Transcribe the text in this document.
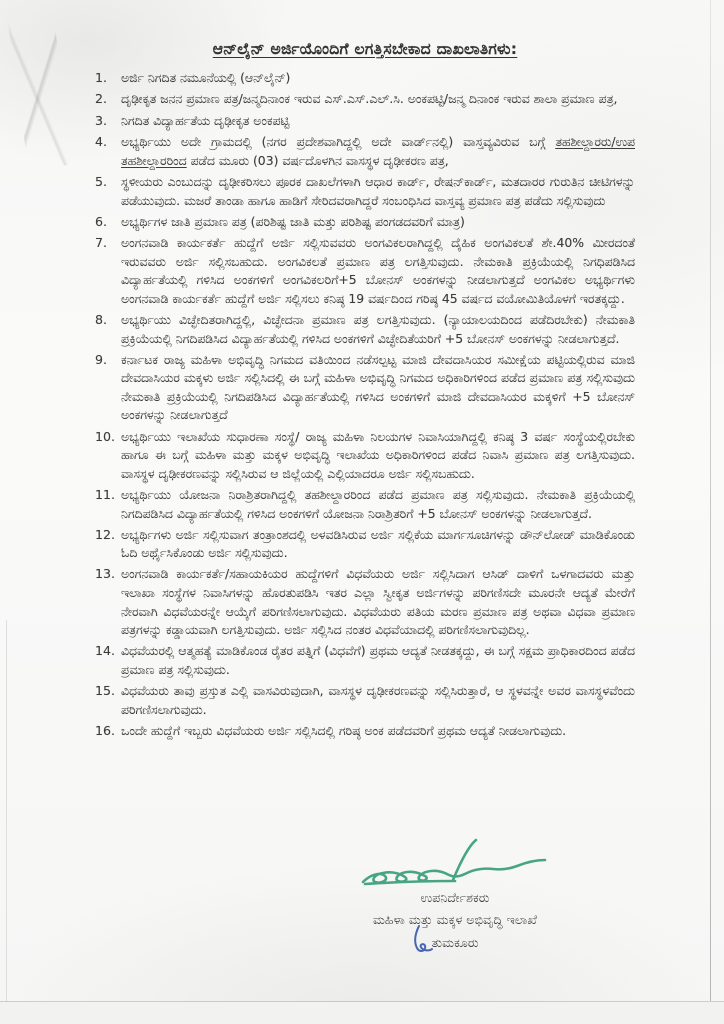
ಆನ್‌ಲೈನ್ ಅರ್ಜಿಯೊಂದಿಗೆ ಲಗತ್ತಿಸಬೇಕಾದ ದಾಖಲಾತಿಗಳು:
1.	ಅರ್ಜಿ ನಿಗದಿತ ನಮೂನೆಯಲ್ಲಿ (ಆನ್‌ಲೈನ್)
2.	ದೃಢೀಕೃತ ಜನನ ಪ್ರಮಾಣ ಪತ್ರ/ಜನ್ಮದಿನಾಂಕ ಇರುವ ಎಸ್.ಎಸ್.ಎಲ್.ಸಿ. ಅಂಕಪಟ್ಟಿ/ಜನ್ಮ ದಿನಾಂಕ ಇರುವ ಶಾಲಾ ಪ್ರಮಾಣ ಪತ್ರ,
3.	ನಿಗದಿತ ವಿದ್ಯಾರ್ಹತೆಯ ದೃಢೀಕೃತ ಅಂಕಪಟ್ಟಿ
4.	ಅಭ್ಯರ್ಥಿಯು ಅದೇ ಗ್ರಾಮದಲ್ಲಿ (ನಗರ ಪ್ರದೇಶವಾಗಿದ್ದಲ್ಲಿ ಅದೇ ವಾರ್ಡ್‌ನಲ್ಲಿ) ವಾಸ್ತವ್ಯವಿರುವ ಬಗ್ಗೆ ತಹಶೀಲ್ದಾರರು/ಉಪ ತಹಶೀಲ್ದಾರರಿಂದ ಪಡೆದ ಮೂರು (03) ವರ್ಷದೊಳಗಿನ ವಾಸಸ್ಥಳ ದೃಢೀಕರಣ ಪತ್ರ,
5.	ಸ್ಥಳೀಯರು ಎಂಬುದನ್ನು ದೃಢೀಕರಿಸಲು ಪೂರಕ ದಾಖಲೆಗಳಾಗಿ ಆಧಾರ ಕಾರ್ಡ್, ರೇಷನ್‌ಕಾರ್ಡ್, ಮತದಾರರ ಗುರುತಿನ ಚೀಟಿಗಳನ್ನು ಪಡೆಯುವುದು. ಮಜರೆ ತಾಂಡಾ ಹಾಗೂ ಹಾಡಿಗೆ ಸೇರಿದವರಾಗಿದ್ದರೆ ಸಂಬಂಧಿಸಿದ ವಾಸ್ತವ್ಯ ಪ್ರಮಾಣ ಪತ್ರ ಪಡೆದು ಸಲ್ಲಿಸುವುದು
6.	ಅಭ್ಯರ್ಥಿಗಳ ಜಾತಿ ಪ್ರಮಾಣ ಪತ್ರ (ಪರಿಶಿಷ್ಟ ಜಾತಿ ಮತ್ತು ಪರಿಶಿಷ್ಟ ಪಂಗಡದವರಿಗೆ ಮಾತ್ರ)
7.	ಅಂಗನವಾಡಿ ಕಾರ್ಯಕರ್ತೆ ಹುದ್ದೆಗೆ ಅರ್ಜಿ ಸಲ್ಲಿಸುವವರು ಅಂಗವಿಕಲರಾಗಿದ್ದಲ್ಲಿ ದೈಹಿಕ ಅಂಗವಿಕಲತೆ ಶೇ.40% ಮೀರದಂತೆ ಇರುವವರು ಅರ್ಜಿ ಸಲ್ಲಿಸಬಹುದು. ಅಂಗವಿಕಲತೆ ಪ್ರಮಾಣ ಪತ್ರ ಲಗತ್ತಿಸುವುದು. ನೇಮಕಾತಿ ಪ್ರಕ್ರಿಯೆಯಲ್ಲಿ ನಿಗಧಿಪಡಿಸಿದ ವಿದ್ಯಾರ್ಹತೆಯಲ್ಲಿ ಗಳಿಸಿದ ಅಂಕಗಳಿಗೆ ಅಂಗವಿಕಲರಿಗೆ+5 ಬೋನಸ್ ಅಂಕಗಳನ್ನು ನೀಡಲಾಗುತ್ತದೆ ಅಂಗವಿಕಲ ಅಭ್ಯರ್ಥಿಗಳು ಅಂಗನವಾಡಿ ಕಾರ್ಯಕರ್ತೆ ಹುದ್ದೆಗೆ ಅರ್ಜಿ ಸಲ್ಲಿಸಲು ಕನಿಷ್ಠ 19 ವರ್ಷದಿಂದ ಗರಿಷ್ಠ 45 ವರ್ಷದ ವಯೋಮಿತಿಯೊಳಗೆ ಇರತಕ್ಕದ್ದು.
8.	ಅಭ್ಯರ್ಥಿಯು ವಿಚ್ಛೇದಿತರಾಗಿದ್ದಲ್ಲಿ, ವಿಚ್ಛೇದನಾ ಪ್ರಮಾಣ ಪತ್ರ ಲಗತ್ತಿಸುವುದು. (ನ್ಯಾಯಾಲಯದಿಂದ ಪಡೆದಿರಬೇಕು) ನೇಮಕಾತಿ ಪ್ರಕ್ರಿಯೆಯಲ್ಲಿ ನಿಗದಿಪಡಿಸಿದ ವಿದ್ಯಾರ್ಹತೆಯಲ್ಲಿ ಗಳಿಸಿದ ಅಂಕಗಳಿಗೆ ವಿಚ್ಛೇದಿತೆಯರಿಗೆ +5 ಬೋನಸ್ ಅಂಕಗಳನ್ನು ನೀಡಲಾಗುತ್ತದೆ.
9.	ಕರ್ನಾಟಕ ರಾಜ್ಯ ಮಹಿಳಾ ಅಭಿವೃದ್ಧಿ ನಿಗಮದ ವತಿಯಿಂದ ನಡೆಸಲ್ಪಟ್ಟ ಮಾಜಿ ದೇವದಾಸಿಯರ ಸಮೀಕ್ಷೆಯ ಪಟ್ಟಿಯಲ್ಲಿರುವ ಮಾಜಿ ದೇವದಾಸಿಯರ ಮಕ್ಕಳು ಅರ್ಜಿ ಸಲ್ಲಿಸಿದಲ್ಲಿ ಈ ಬಗ್ಗೆ ಮಹಿಳಾ ಅಭಿವೃದ್ಧಿ ನಿಗಮದ ಅಧಿಕಾರಿಗಳಿಂದ ಪಡೆದ ಪ್ರಮಾಣ ಪತ್ರ ಸಲ್ಲಿಸುವುದು ನೇಮಕಾತಿ ಪ್ರಕ್ರಿಯೆಯಲ್ಲಿ ನಿಗದಿಪಡಿಸಿದ ವಿದ್ಯಾರ್ಹತೆಯಲ್ಲಿ ಗಳಿಸಿದ ಅಂಕಗಳಿಗೆ ಮಾಜಿ ದೇವದಾಸಿಯರ ಮಕ್ಕಳಿಗೆ +5 ಬೋನಸ್ ಅಂಕಗಳನ್ನು ನೀಡಲಾಗುತ್ತದೆ
10. ಅಭ್ಯರ್ಥಿಯು ಇಲಾಖೆಯ ಸುಧಾರಣಾ ಸಂಸ್ಥೆ/ ರಾಜ್ಯ ಮಹಿಳಾ ನಿಲಯಗಳ ನಿವಾಸಿಯಾಗಿದ್ದಲ್ಲಿ ಕನಿಷ್ಠ 3 ವರ್ಷ ಸಂಸ್ಥೆಯಲ್ಲಿರಬೇಕು ಹಾಗೂ ಈ ಬಗ್ಗೆ ಮಹಿಳಾ ಮತ್ತು ಮಕ್ಕಳ ಅಭಿವೃದ್ಧಿ ಇಲಾಖೆಯ ಅಧಿಕಾರಿಗಳಿಂದ ಪಡೆದ ನಿವಾಸಿ ಪ್ರಮಾಣ ಪತ್ರ ಲಗತ್ತಿಸುವುದು. ವಾಸಸ್ಥಳ ದೃಢೀಕರಣವನ್ನು ಸಲ್ಲಿಸಿರುವ ಆ ಜಿಲ್ಲೆಯಲ್ಲಿ ಎಲ್ಲಿಯಾದರೂ ಅರ್ಜಿ ಸಲ್ಲಿಸಬಹುದು.
11. ಅಭ್ಯರ್ಥಿಯು ಯೋಜನಾ ನಿರಾಶ್ರಿತರಾಗಿದ್ದಲ್ಲಿ ತಹಶೀಲ್ದಾರರಿಂದ ಪಡೆದ ಪ್ರಮಾಣ ಪತ್ರ ಸಲ್ಲಿಸುವುದು. ನೇಮಕಾತಿ ಪ್ರಕ್ರಿಯೆಯಲ್ಲಿ ನಿಗದಿಪಡಿಸಿದ ವಿದ್ಯಾರ್ಹತೆಯಲ್ಲಿ ಗಳಿಸಿದ ಅಂಕಗಳಿಗೆ ಯೋಜನಾ ನಿರಾಶ್ರಿತರಿಗೆ +5 ಬೋನಸ್ ಅಂಕಗಳನ್ನು ನೀಡಲಾಗುತ್ತದೆ.
12. ಅಭ್ಯರ್ಥಿಗಳು ಅರ್ಜಿ ಸಲ್ಲಿಸುವಾಗ ತಂತ್ರಾಂಶದಲ್ಲಿ ಅಳವಡಿಸಿರುವ ಅರ್ಜಿ ಸಲ್ಲಿಕೆಯ ಮಾರ್ಗಸೂಚಿಗಳನ್ನು ಡೌನ್‌ಲೋಡ್ ಮಾಡಿಕೊಂಡು ಓದಿ ಅರ್ಥೈಸಿಕೊಂಡು ಅರ್ಜಿ ಸಲ್ಲಿಸುವುದು.
13. ಅಂಗನವಾಡಿ ಕಾರ್ಯಕರ್ತೆ/ಸಹಾಯಕಿಯರ ಹುದ್ದೆಗಳಿಗೆ ವಿಧವೆಯರು ಅರ್ಜಿ ಸಲ್ಲಿಸಿದಾಗ ಆಸಿಡ್ ದಾಳಿಗೆ ಒಳಗಾದವರು ಮತ್ತು ಇಲಾಖಾ ಸಂಸ್ಥೆಗಳ ನಿವಾಸಿಗಳನ್ನು ಹೊರತುಪಡಿಸಿ ಇತರ ಎಲ್ಲಾ ಸ್ವೀಕೃತ ಅರ್ಜಿಗಳನ್ನು ಪರಿಗಣಿಸದೇ ಮೂರನೇ ಆದ್ಯತೆ ಮೇರೆಗೆ ನೇರವಾಗಿ ವಿಧವೆಯರನ್ನೇ ಆಯ್ಕೆಗೆ ಪರಿಗಣಿಸಲಾಗುವುದು. ವಿಧವೆಯರು ಪತಿಯ ಮರಣ ಪ್ರಮಾಣ ಪತ್ರ ಅಥವಾ ವಿಧವಾ ಪ್ರಮಾಣ ಪತ್ರಗಳನ್ನು ಕಡ್ಡಾಯವಾಗಿ ಲಗತ್ತಿಸುವುದು. ಅರ್ಜಿ ಸಲ್ಲಿಸಿದ ನಂತರ ವಿಧವೆಯಾದಲ್ಲಿ ಪರಿಗಣಿಸಲಾಗುವುದಿಲ್ಲ.
14. ವಿಧವೆಯರಲ್ಲಿ ಆತ್ಮಹತ್ಯೆ ಮಾಡಿಕೊಂಡ ರೈತರ ಪತ್ನಿಗೆ (ವಿಧವೆಗೆ) ಪ್ರಥಮ ಆದ್ಯತೆ ನೀಡತಕ್ಕದ್ದು, ಈ ಬಗ್ಗೆ ಸಕ್ಷಮ ಪ್ರಾಧಿಕಾರದಿಂದ ಪಡೆದ ಪ್ರಮಾಣ ಪತ್ರ ಸಲ್ಲಿಸುವುದು.
15. ವಿಧವೆಯರು ತಾವು ಪ್ರಸ್ತುತ ಎಲ್ಲಿ ವಾಸವಿರುವುದಾಗಿ, ವಾಸಸ್ಥಳ ದೃಢೀಕರಣವನ್ನು ಸಲ್ಲಿಸಿರುತ್ತಾರೆ, ಆ ಸ್ಥಳವನ್ನೇ ಅವರ ವಾಸಸ್ಥಳವೆಂದು ಪರಿಗಣಿಸಲಾಗುವುದು.
16. ಒಂದೇ ಹುದ್ದೆಗೆ ಇಬ್ಬರು ವಿಧವೆಯರು ಅರ್ಜಿ ಸಲ್ಲಿಸಿದಲ್ಲಿ ಗರಿಷ್ಠ ಅಂಕ ಪಡೆದವರಿಗೆ ಪ್ರಥಮ ಆದ್ಯತೆ ನೀಡಲಾಗುವುದು.
ಉಪನಿರ್ದೇಶಕರು
ಮಹಿಳಾ ಮತ್ತು ಮಕ್ಕಳ ಅಭಿವೃದ್ಧಿ ಇಲಾಖೆ
ತುಮಕೂರು
